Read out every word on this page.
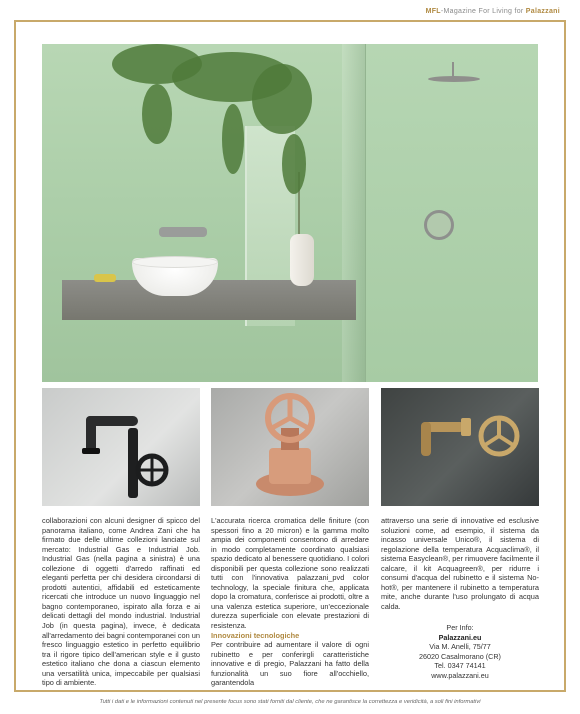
MFL-Magazine For Living for Palazzani

collaborazioni con alcuni designer di spicco del panorama italiano, come Andrea Zani che ha firmato due delle ultime collezioni lanciate sul mercato: Industrial Gas e Industrial Job. Industrial Gas (nella pagina a sinistra) è una collezione di oggetti d'arredo raffinati ed eleganti perfetta per chi desidera circondarsi di prodotti autentici, affidabili ed esteticamente ricercati che introduce un nuovo linguaggio nel bagno contemporaneo, ispirato alla forza e ai delicati dettagli del mondo industrial. Industrial Job (in questa pagina), invece, è dedicata all'arredamento dei bagni contemporanei con un fresco linguaggio estetico in perfetto equilibrio tra il rigore tipico dell'american style e il gusto estetico italiano che dona a ciascun elemento una versatilità unica, impeccabile per qualsiasi tipo di ambiente.

L'accurata ricerca cromatica delle finiture (con spessori fino a 20 micron) e la gamma molto ampia dei componenti consentono di arredare in modo completamente coordinato qualsiasi spazio dedicato al benessere quotidiano. I colori disponibili per questa collezione sono realizzati tutti con l'innovativa palazzani_pvd color technology, la speciale finitura che, applicata dopo la cromatura, conferisce ai prodotti, oltre a una valenza estetica superiore, un'eccezionale durezza superficiale con elevate prestazioni di resistenza.

Innovazioni tecnologiche

Per contribuire ad aumentare il valore di ogni rubinetto e per conferirgli caratteristiche innovative e di pregio, Palazzani ha fatto della funzionalità un suo fiore all'occhiello, garantendola

attraverso una serie di innovative ed esclusive soluzioni come, ad esempio, il sistema da incasso universale Unico®, il sistema di regolazione della temperatura Acquaclima®, il sistema Easyclean®, per rimuovere facilmente il calcare, il kit Acquagreen®, per ridurre i consumi d'acqua del rubinetto e il sistema No-hot®, per mantenere il rubinetto a temperatura mite, anche durante l'uso prolungato di acqua calda.

Per Info:
Palazzani.eu
Via M. Anelli, 75/77
26020 Casalmorano (CR)
Tel. 0347 74141
www.palazzani.eu
Tutti i dati e le informazioni contenuti nel presente focus sono stati forniti dal cliente, che ne garantisce la correttezza e veridicità, a soli fini informativi
